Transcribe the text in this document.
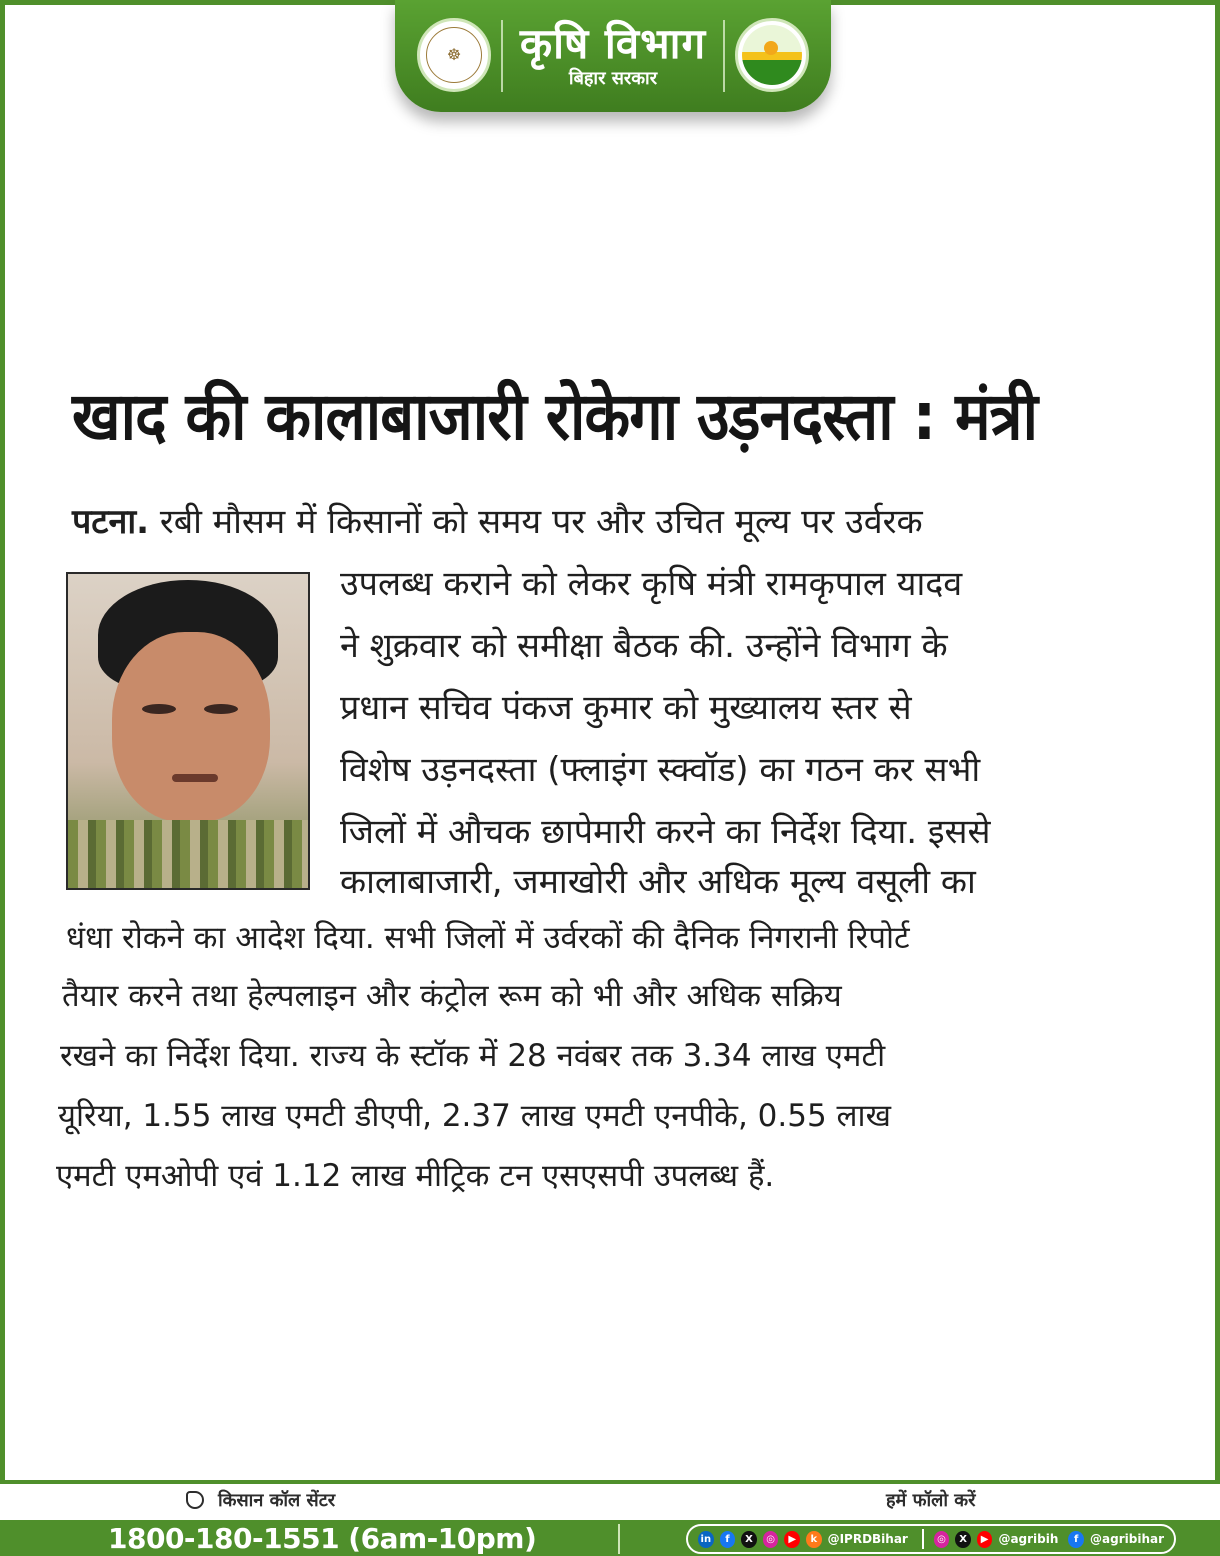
☸ कृषि विभाग
बिहार सरकार
खाद की कालाबाजारी रोकेगा उड़नदस्ता : मंत्री
पटना. रबी मौसम में किसानों को समय पर और उचित मूल्य पर उर्वरक
उपलब्ध कराने को लेकर कृषि मंत्री रामकृपाल यादव
ने शुक्रवार को समीक्षा बैठक की. उन्होंने विभाग के
प्रधान सचिव पंकज कुमार को मुख्यालय स्तर से
विशेष उड़नदस्ता (फ्लाइंग स्क्वॉड) का गठन कर सभी
जिलों में औचक छापेमारी करने का निर्देश दिया. इससे
कालाबाजारी, जमाखोरी और अधिक मूल्य वसूली का
धंधा रोकने का आदेश दिया. सभी जिलों में उर्वरकों की दैनिक निगरानी रिपोर्ट
तैयार करने तथा हेल्पलाइन और कंट्रोल रूम को भी और अधिक सक्रिय
रखने का निर्देश दिया. राज्य के स्टॉक में 28 नवंबर तक 3.34 लाख एमटी
यूरिया, 1.55 लाख एमटी डीएपी, 2.37 लाख एमटी एनपीके, 0.55 लाख
एमटी एमओपी एवं 1.12 लाख मीट्रिक टन एसएसपी उपलब्ध हैं.
किसान कॉल सेंटर	हमें फॉलो करें
1800-180-1551 (6am-10pm)	in	f	X	◎	▶	k @IPRDBihar	◎	X	▶ @agribih	f @agribihar
